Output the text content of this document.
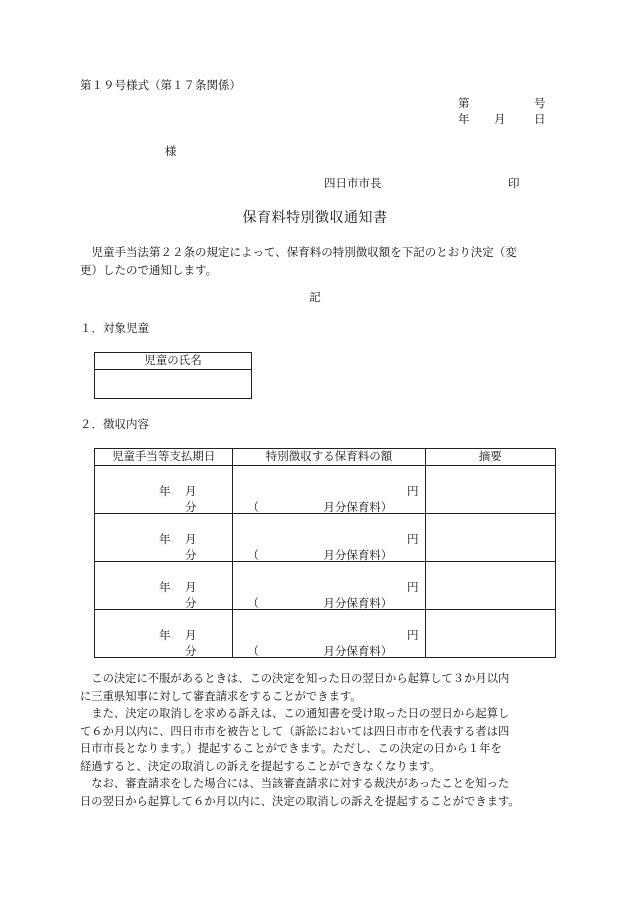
第１９号様式（第１７条関係）
第	号
年 月 日
様
四日市市長	印
保育料特別徴収通知書

　児童手当法第２２条の規定によって、保育料の特別徴収額を下記のとおり決定（変

更）したので通知します。

記
１．対象児童
児童の氏名

２．徴収内容
児童手当等支払期日	特別徴収する保育料の額	摘要

年 月分	円
（ 月分保育料）	

年 月分	円
（ 月分保育料）	

年 月分	円
（ 月分保育料）	

年 月分	円
（ 月分保育料）	

　この決定に不服があるときは、この決定を知った日の翌日から起算して３か月以内

に三重県知事に対して審査請求をすることができます。

　また、決定の取消しを求める訴えは、この通知書を受け取った日の翌日から起算し

て６か月以内に、四日市市を被告として（訴訟においては四日市市を代表する者は四

日市市長となります。）提起することができます。ただし、この決定の日から１年を

経過すると、決定の取消しの訴えを提起することができなくなります。

　なお、審査請求をした場合には、当該審査請求に対する裁決があったことを知った

日の翌日から起算して６か月以内に、決定の取消しの訴えを提起することができます。
